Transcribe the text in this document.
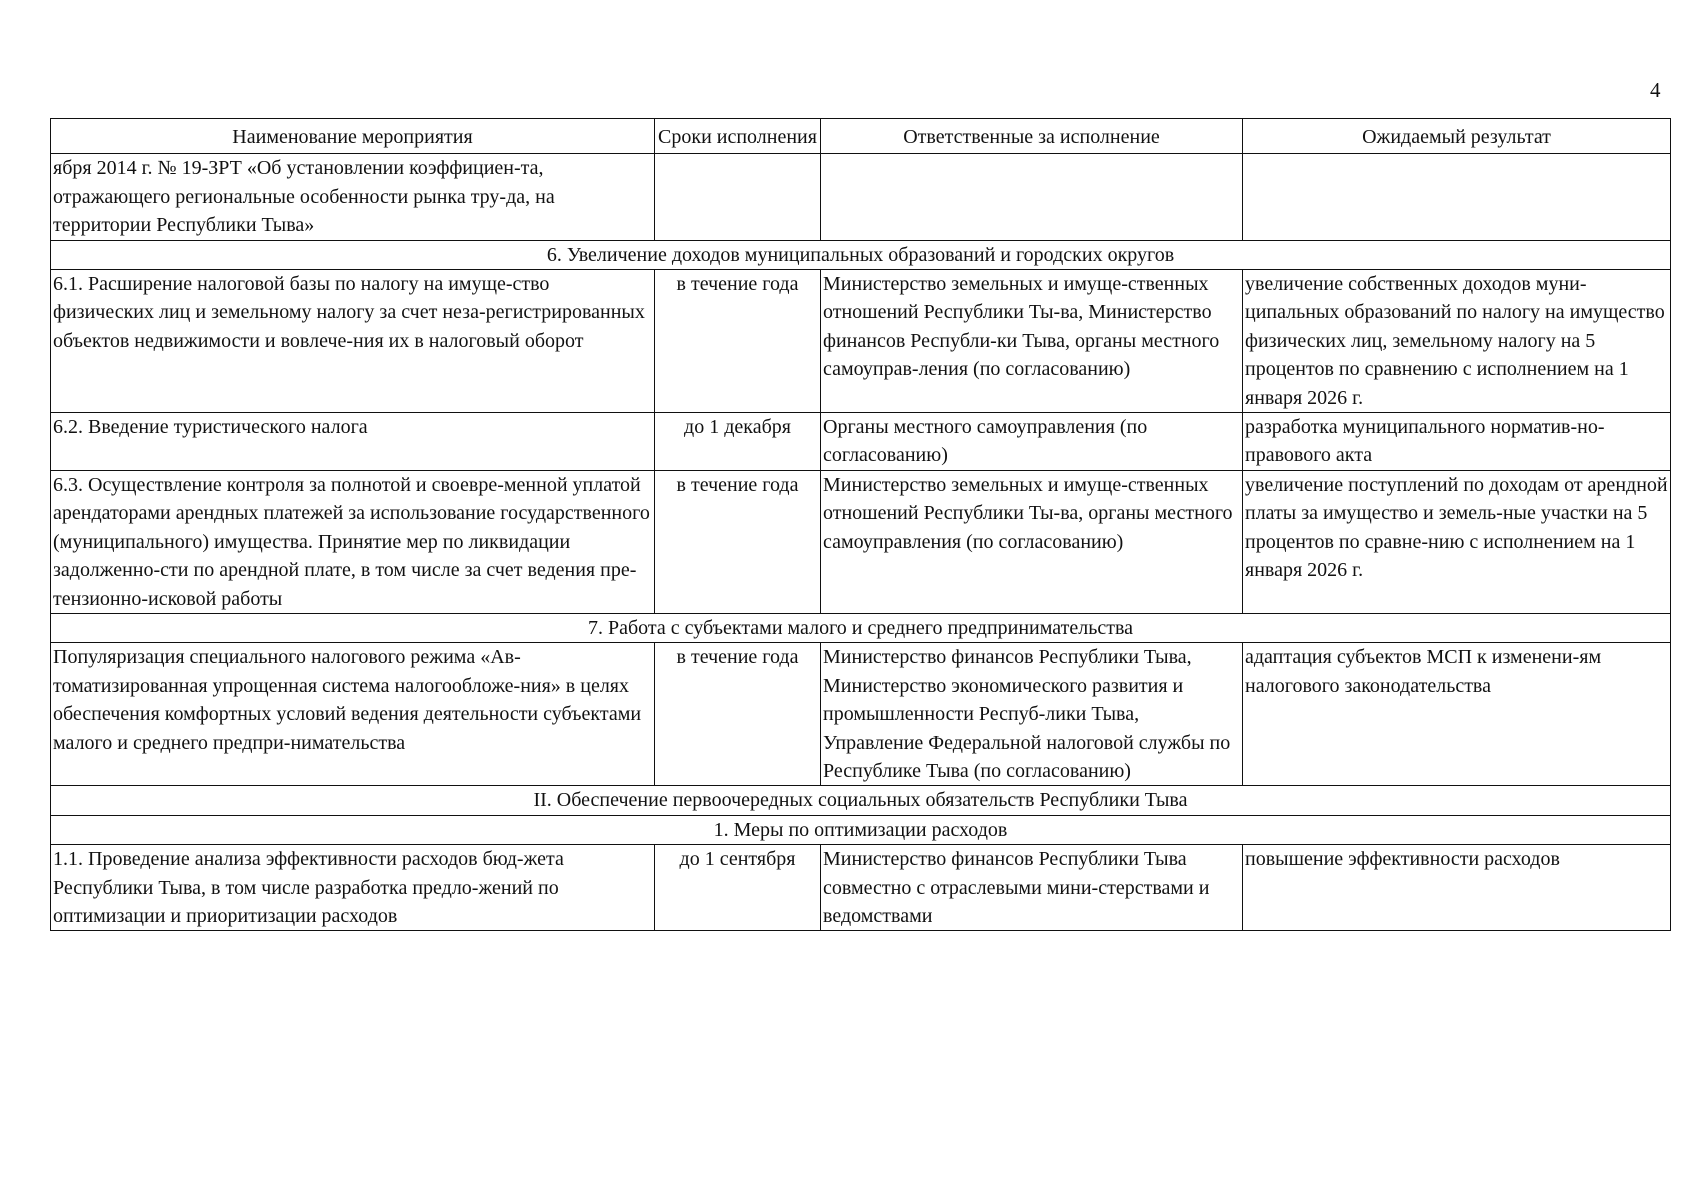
4
Наименование мероприятия	Сроки исполнения	Ответственные за исполнение	Ожидаемый результат
ября 2014 г. № 19-ЗРТ «Об установлении коэффициен-та, отражающего региональные особенности рынка тру-да, на территории Республики Тыва»			
6. Увеличение доходов муниципальных образований и городских округов			
6.1. Расширение налоговой базы по налогу на имуще-ство физических лиц и земельному налогу за счет неза-регистрированных объектов недвижимости и вовлече-ния их в налоговый оборот	в течение года	Министерство земельных и имуще-ственных отношений Республики Ты-ва, Министерство финансов Республи-ки Тыва, органы местного самоуправ-ления (по согласованию)	увеличение собственных доходов муни-ципальных образований по налогу на имущество физических лиц, земельному налогу на 5 процентов по сравнению с исполнением на 1 января 2026 г.
6.2. Введение туристического налога	до 1 декабря	Органы местного самоуправления (по согласованию)	разработка муниципального норматив-но-правового акта
6.3. Осуществление контроля за полнотой и своевре-менной уплатой арендаторами арендных платежей за использование государственного (муниципального) имущества. Принятие мер по ликвидации задолженно-сти по арендной плате, в том числе за счет ведения пре-тензионно-исковой работы	в течение года	Министерство земельных и имуще-ственных отношений Республики Ты-ва, органы местного самоуправления (по согласованию)	увеличение поступлений по доходам от арендной платы за имущество и земель-ные участки на 5 процентов по сравне-нию с исполнением на 1 января 2026 г.
7. Работа с субъектами малого и среднего предпринимательства			
Популяризация специального налогового режима «Ав-томатизированная упрощенная система налогообложе-ния» в целях обеспечения комфортных условий ведения деятельности субъектами малого и среднего предпри-нимательства	в течение года	Министерство финансов Республики Тыва, Министерство экономического развития и промышленности Респуб-лики Тыва, Управление Федеральной налоговой службы по Республике Тыва (по согласованию)	адаптация субъектов МСП к изменени-ям налогового законодательства
II. Обеспечение первоочередных социальных обязательств Республики Тыва			
1. Меры по оптимизации расходов			
1.1. Проведение анализа эффективности расходов бюд-жета Республики Тыва, в том числе разработка предло-жений по оптимизации и приоритизации расходов	до 1 сентября	Министерство финансов Республики Тыва совместно с отраслевыми мини-стерствами и ведомствами	повышение эффективности расходов
